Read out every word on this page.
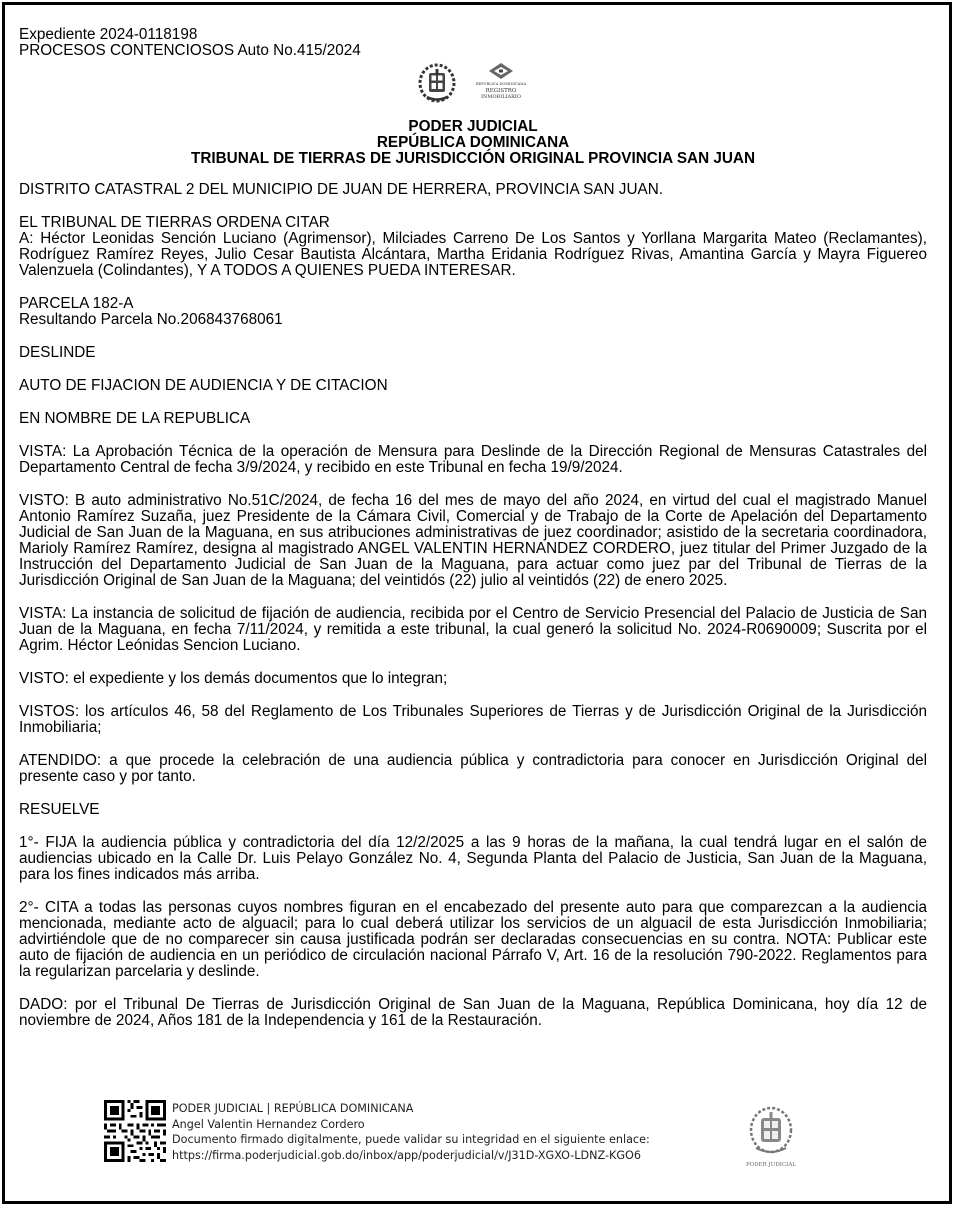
Expediente 2024-0118198
PROCESOS CONTENCIOSOS Auto No.415/2024
REPÚBLICA DOMINICANA
REGISTRO
INMOBILIARIO
PODER JUDICIAL
REPÚBLICA DOMINICANA
TRIBUNAL DE TIERRAS DE JURISDICCIÓN ORIGINAL PROVINCIA SAN JUAN

DISTRITO CATASTRAL 2 DEL MUNICIPIO DE JUAN DE HERRERA, PROVINCIA SAN JUAN.

EL TRIBUNAL DE TIERRAS ORDENA CITAR
A: Héctor Leonidas Sención Luciano (Agrimensor), Milciades Carreno De Los Santos y Yorllana Margarita Mateo (Reclamantes), Rodríguez Ramírez Reyes, Julio Cesar Bautista Alcántara, Martha Eridania Rodríguez Rivas, Amantina García y Mayra Figuereo Valenzuela (Colindantes), Y A TODOS A QUIENES PUEDA INTERESAR.
PARCELA 182-A
Resultando Parcela No.206843768061

DESLINDE

AUTO DE FIJACION DE AUDIENCIA Y DE CITACION

EN NOMBRE DE LA REPUBLICA

VISTA: La Aprobación Técnica de la operación de Mensura para Deslinde de la Dirección Regional de Mensuras Catastrales del Departamento Central de fecha 3/9/2024, y recibido en este Tribunal en fecha 19/9/2024.

VISTO: B auto administrativo No.51C/2024, de fecha 16 del mes de mayo del año 2024, en virtud del cual el magistrado Manuel Antonio Ramírez Suzaña, juez Presidente de la Cámara Civil, Comercial y de Trabajo de la Corte de Apelación del Departamento Judicial de San Juan de la Maguana, en sus atribuciones administrativas de juez coordinador; asistido de la secretaria coordinadora, Marioly Ramírez Ramírez, designa al magistrado ANGEL VALENTIN HERNANDEZ CORDERO, juez titular del Primer Juzgado de la Instrucción del Departamento Judicial de San Juan de la Maguana, para actuar como juez par del Tribunal de Tierras de la Jurisdicción Original de San Juan de la Maguana; del veintidós (22) julio al veintidós (22) de enero 2025.

VISTA: La instancia de solicitud de fijación de audiencia, recibida por el Centro de Servicio Presencial del Palacio de Justicia de San Juan de la Maguana, en fecha 7/11/2024, y remitida a este tribunal, la cual generó la solicitud No. 2024-R0690009; Suscrita por el Agrim. Héctor Leónidas Sencion Luciano.

VISTO: el expediente y los demás documentos que lo integran;

VISTOS: los artículos 46, 58 del Reglamento de Los Tribunales Superiores de Tierras y de Jurisdicción Original de la Jurisdicción Inmobiliaria;

ATENDIDO: a que procede la celebración de una audiencia pública y contradictoria para conocer en Jurisdicción Original del presente caso y por tanto.

RESUELVE

1°- FIJA la audiencia pública y contradictoria del día 12/2/2025 a las 9 horas de la mañana, la cual tendrá lugar en el salón de audiencias ubicado en la Calle Dr. Luis Pelayo González No. 4, Segunda Planta del Palacio de Justicia, San Juan de la Maguana, para los fines indicados más arriba.

2°- CITA a todas las personas cuyos nombres figuran en el encabezado del presente auto para que comparezcan a la audiencia mencionada, mediante acto de alguacil; para lo cual deberá utilizar los servicios de un alguacil de esta Jurisdicción Inmobiliaria; advirtiéndole que de no comparecer sin causa justificada podrán ser declaradas consecuencias en su contra. NOTA: Publicar este auto de fijación de audiencia en un periódico de circulación nacional Párrafo V, Art. 16 de la resolución 790-2022. Reglamentos para la regularizan parcelaria y deslinde.

DADO: por el Tribunal De Tierras de Jurisdicción Original de San Juan de la Maguana, República Dominicana, hoy día 12 de noviembre de 2024, Años 181 de la Independencia y 161 de la Restauración.

PODER JUDICIAL | REPÚBLICA DOMINICANA
Angel Valentin Hernandez Cordero
Documento firmado digitalmente, puede validar su integridad en el siguiente enlace:
https://firma.poderjudicial.gob.do/inbox/app/poderjudicial/v/J31D-XGXO-LDNZ-KGO6
PODER JUDICIAL
